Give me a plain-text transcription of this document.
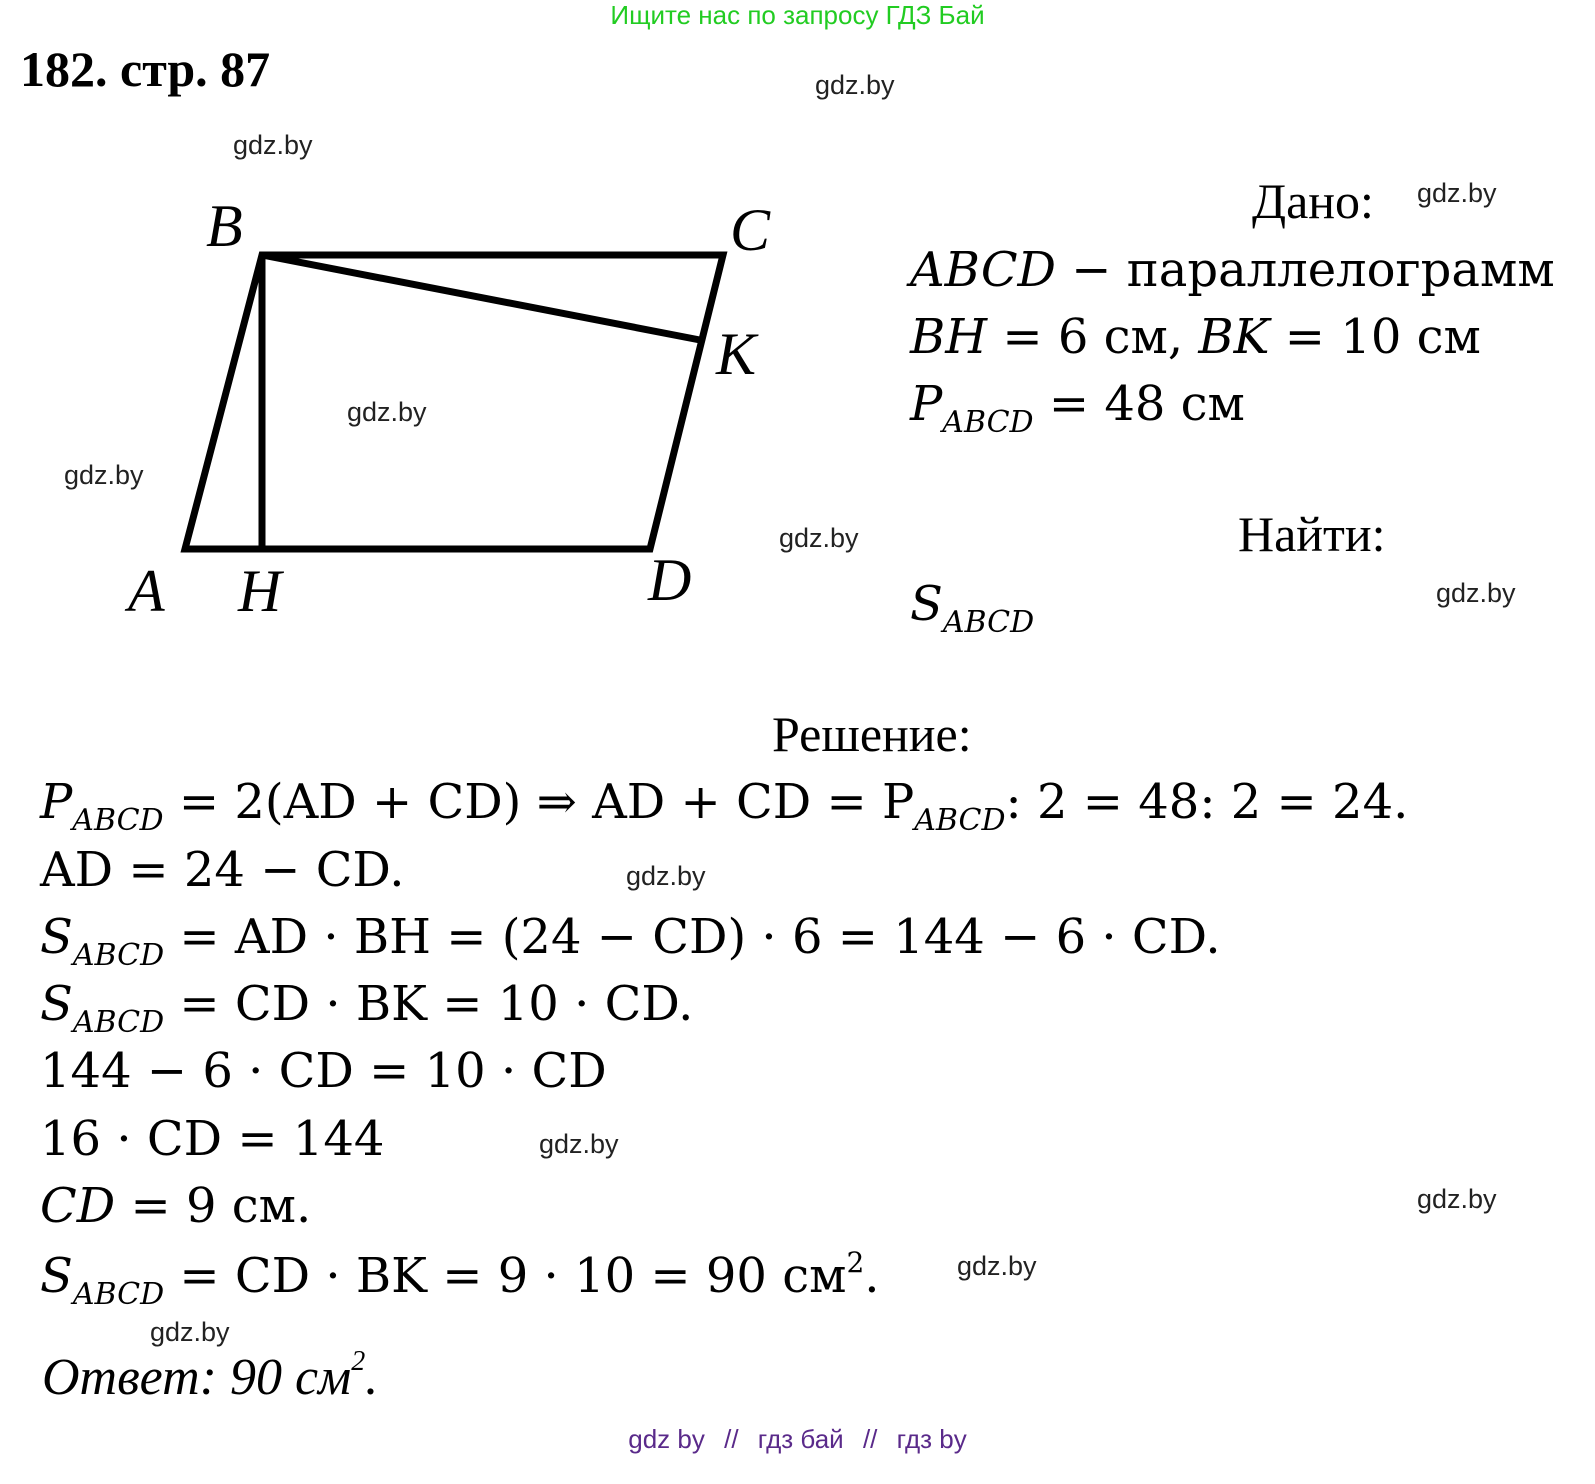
Ищите нас по запросу ГДЗ Бай
182. стр. 87	gdz.by
gdz.by
gdz.by
gdz.by
gdz.by
gdz.by
gdz.by
gdz.by
gdz.by
gdz.by
gdz.by
gdz.by
B	C
K
A H	D
Дано:
ABCD − параллелограмм
BH = 6 см, BK = 10 см
$P_{ABCD} = 48$ см
Найти:
$S_{ABCD}$
Решение:
$P_{ABCD} = 2(AD + CD)$ ⇒ AD + CD = $P_{ABCD}$: 2 = 48: 2 = 24.
AD = 24 − CD.
$S_{ABCD}$ = AD · BH = (24 − CD) · 6 = 144 − 6 · CD.
$S_{ABCD}$ = CD · BK = 10 · CD.
144 − 6 · CD = 10 · CD
16 · CD = 144
CD = 9 см.
$S_{ABCD}$ = CD · BK = 9 · 10 = 90 $см^2$.
Ответ: 90 $см^2$.
gdz by // гдз бай // гдз by
